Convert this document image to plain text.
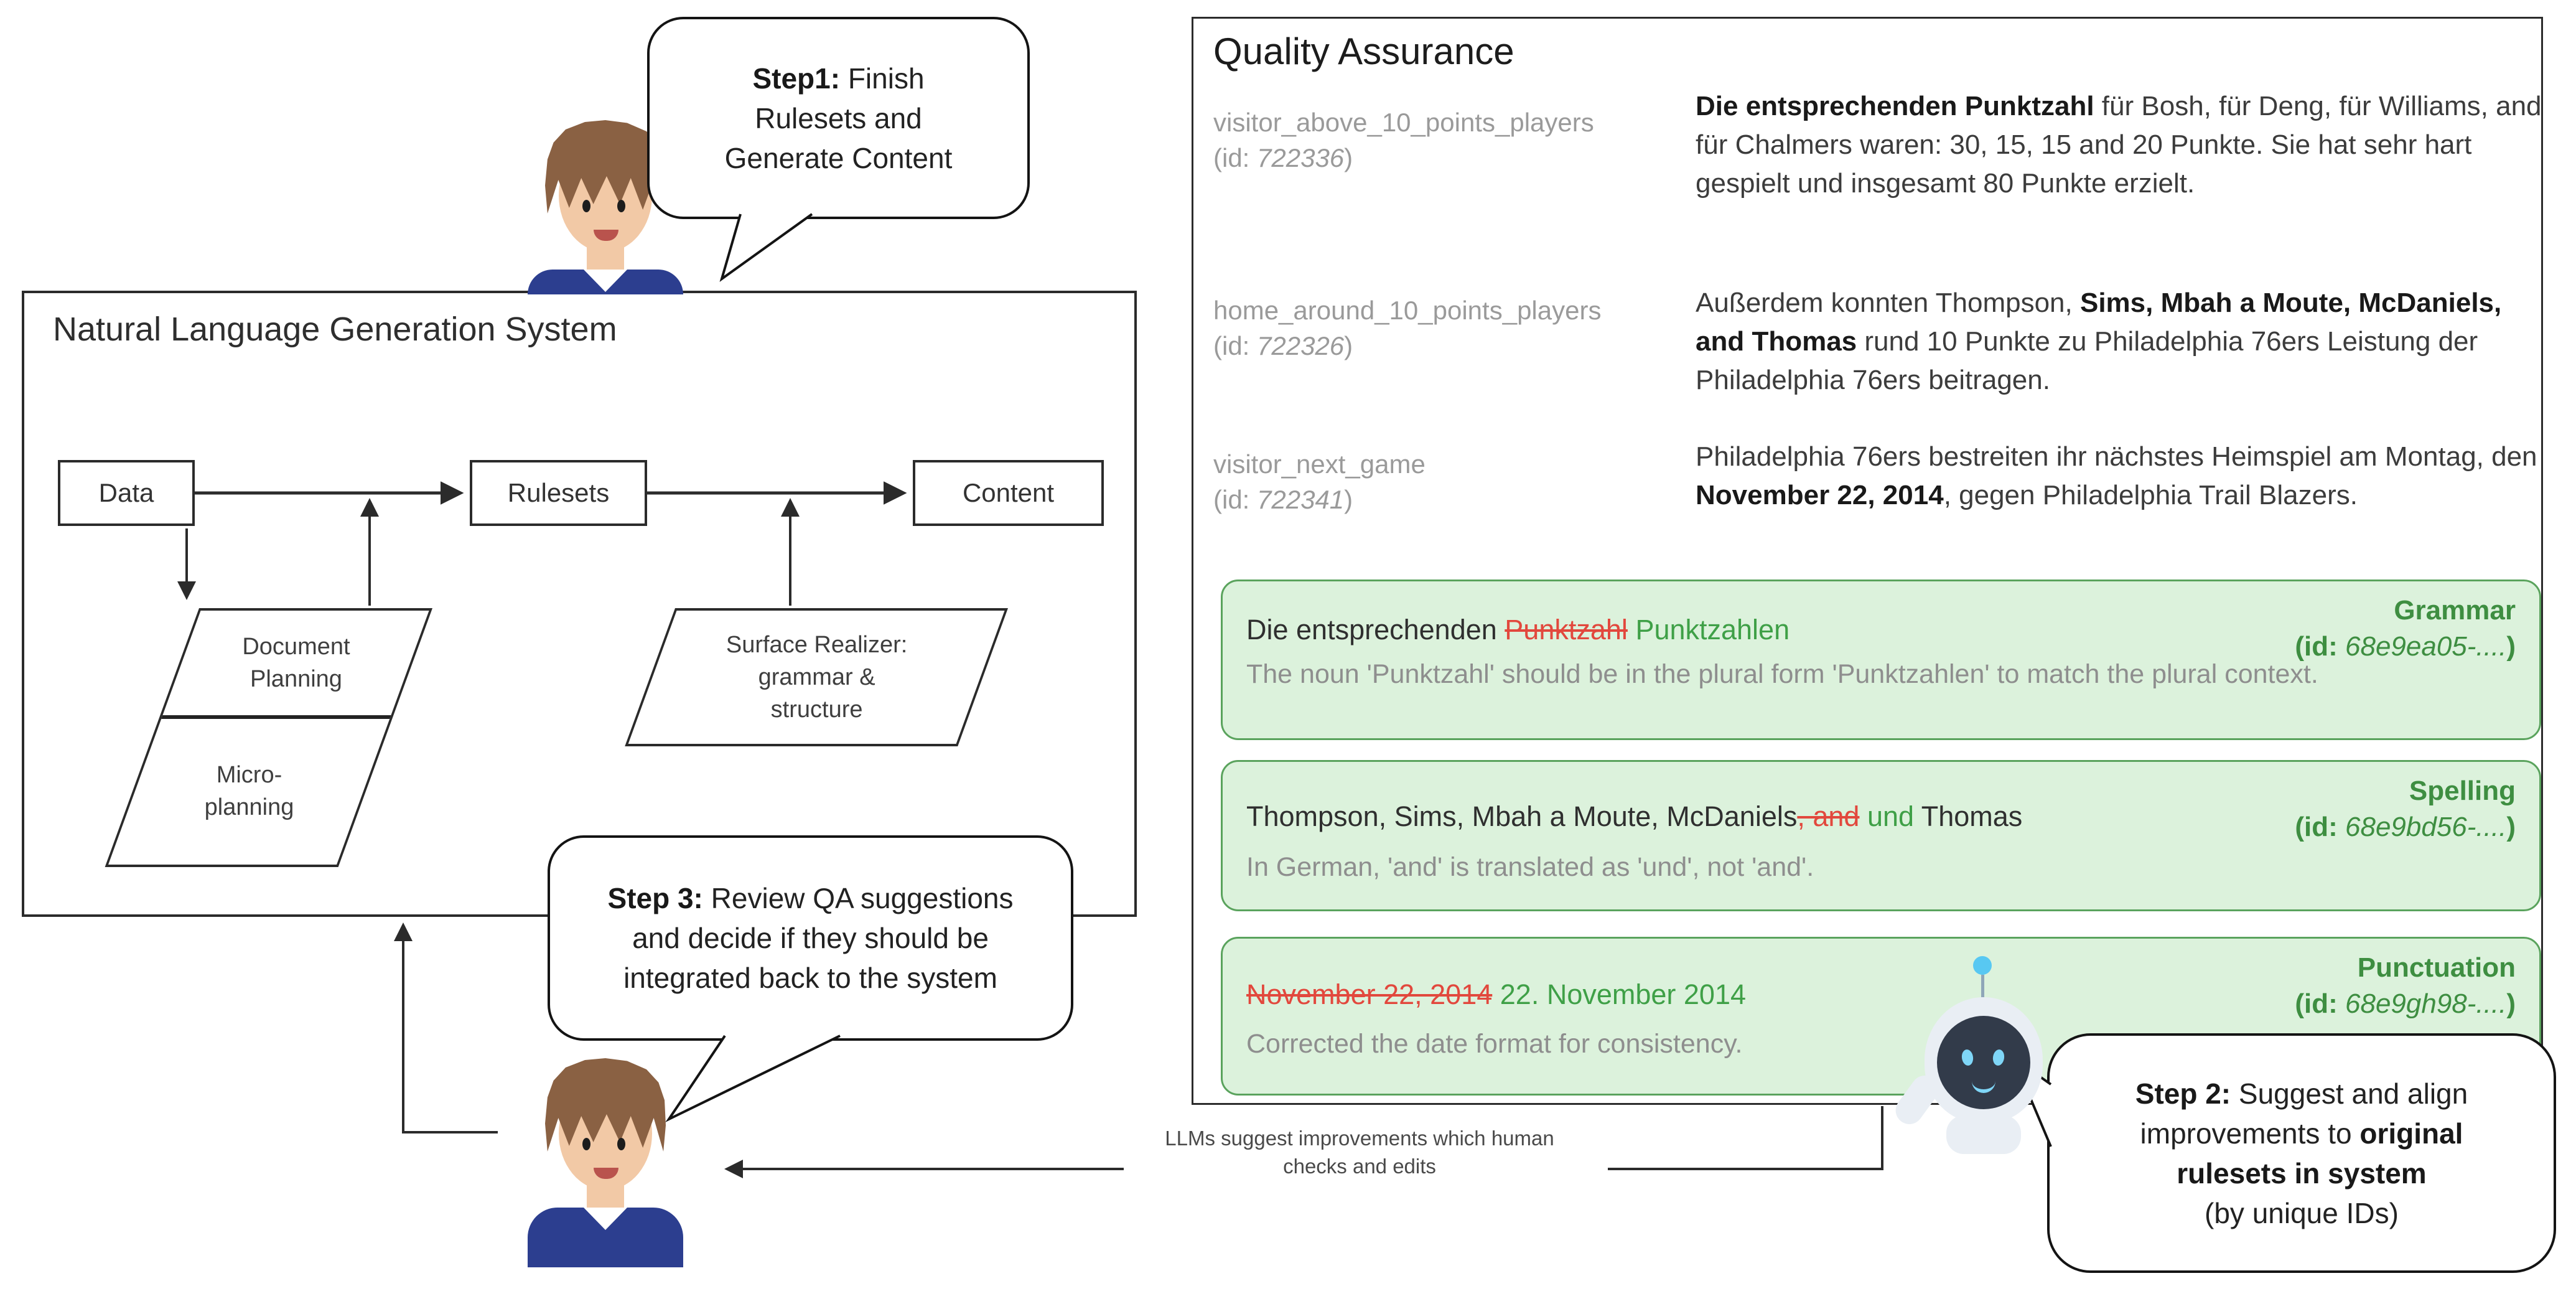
Natural Language Generation System
Data	Rulesets	Content
Document Planning
Micro-planning
Surface Realizer: grammar & structure
Quality Assurance
visitor_above_10_points_players
(id: 722336)
Die entsprechenden Punktzahl für Bosh, für Deng, für Williams, and für Chalmers waren: 30, 15, 15 and 20 Punkte. Sie hat sehr hart gespielt und insgesamt 80 Punkte erzielt.
home_around_10_points_players
(id: 722326)
Außerdem konnten Thompson, Sims, Mbah a Moute, McDaniels, and Thomas rund 10 Punkte zu Philadelphia 76ers Leistung der Philadelphia 76ers beitragen.
visitor_next_game
(id: 722341)
Philadelphia 76ers bestreiten ihr nächstes Heimspiel am Montag, den November 22, 2014, gegen Philadelphia Trail Blazers.
Grammar
(id: 68e9ea05-....)
Die entsprechenden Punktzahl Punktzahlen
The noun 'Punktzahl' should be in the plural form 'Punktzahlen' to match the plural context.
Spelling
(id: 68e9bd56-....)
Thompson, Sims, Mbah a Moute, McDaniels, and und Thomas
In German, 'and' is translated as 'und', not 'and'.
Punctuation
(id: 68e9gh98-....)
November 22, 2014 22. November 2014
Corrected the date format for consistency.
Step1: Finish
Rulesets and
Generate Content
Step 3: Review QA suggestions
and decide if they should be
integrated back to the system
Step 2: Suggest and align
improvements to original
rulesets in system
(by unique IDs)
LLMs suggest improvements which human
checks and edits
